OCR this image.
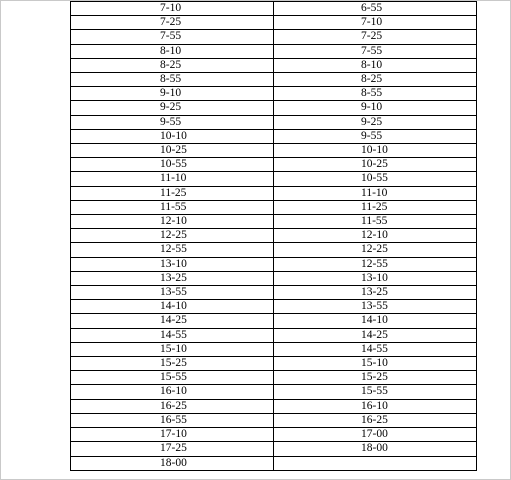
7-10	6-55
7-25	7-10
7-55	7-25
8-10	7-55
8-25	8-10
8-55	8-25
9-10	8-55
9-25	9-10
9-55	9-25
10-10	9-55
10-25	10-10
10-55	10-25
11-10	10-55
11-25	11-10
11-55	11-25
12-10	11-55
12-25	12-10
12-55	12-25
13-10	12-55
13-25	13-10
13-55	13-25
14-10	13-55
14-25	14-10
14-55	14-25
15-10	14-55
15-25	15-10
15-55	15-25
16-10	15-55
16-25	16-10
16-55	16-25
17-10	17-00
17-25	18-00
18-00	
